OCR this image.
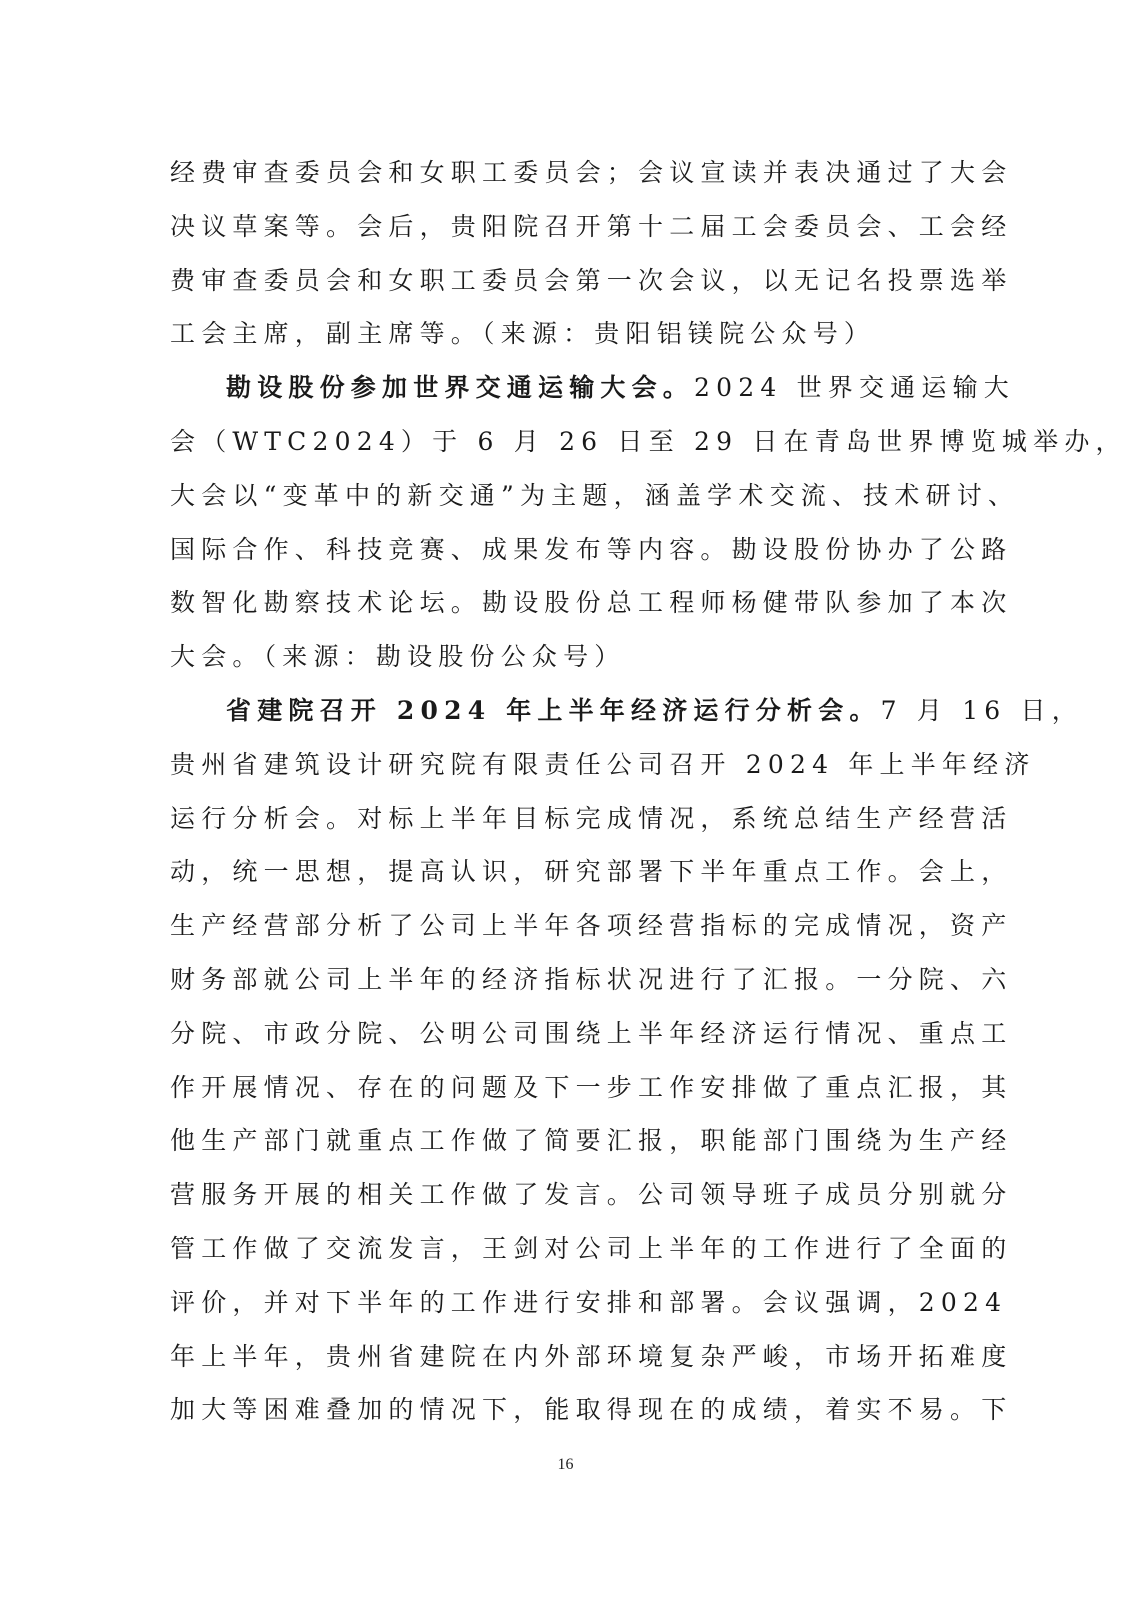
经费审查委员会和女职工委员会；会议宣读并表决通过了大会
决议草案等。会后，贵阳院召开第十二届工会委员会、工会经
费审查委员会和女职工委员会第一次会议，以无记名投票选举
工会主席，副主席等。（来源：贵阳铝镁院公众号）
勘设股份参加世界交通运输大会。2024 世界交通运输大
会（WTC2024）于 6 月 26 日至 29 日在青岛世界博览城举办，
大会以“变革中的新交通”为主题，涵盖学术交流、技术研讨、
国际合作、科技竞赛、成果发布等内容。勘设股份协办了公路
数智化勘察技术论坛。勘设股份总工程师杨健带队参加了本次
大会。（来源：勘设股份公众号）
省建院召开 2024 年上半年经济运行分析会。7 月 16 日，
贵州省建筑设计研究院有限责任公司召开 2024 年上半年经济
运行分析会。对标上半年目标完成情况，系统总结生产经营活
动，统一思想，提高认识，研究部署下半年重点工作。会上，
生产经营部分析了公司上半年各项经营指标的完成情况，资产
财务部就公司上半年的经济指标状况进行了汇报。一分院、六
分院、市政分院、公明公司围绕上半年经济运行情况、重点工
作开展情况、存在的问题及下一步工作安排做了重点汇报，其
他生产部门就重点工作做了简要汇报，职能部门围绕为生产经
营服务开展的相关工作做了发言。公司领导班子成员分别就分
管工作做了交流发言，王剑对公司上半年的工作进行了全面的
评价，并对下半年的工作进行安排和部署。会议强调，2024
年上半年，贵州省建院在内外部环境复杂严峻，市场开拓难度
加大等困难叠加的情况下，能取得现在的成绩，着实不易。下
16
